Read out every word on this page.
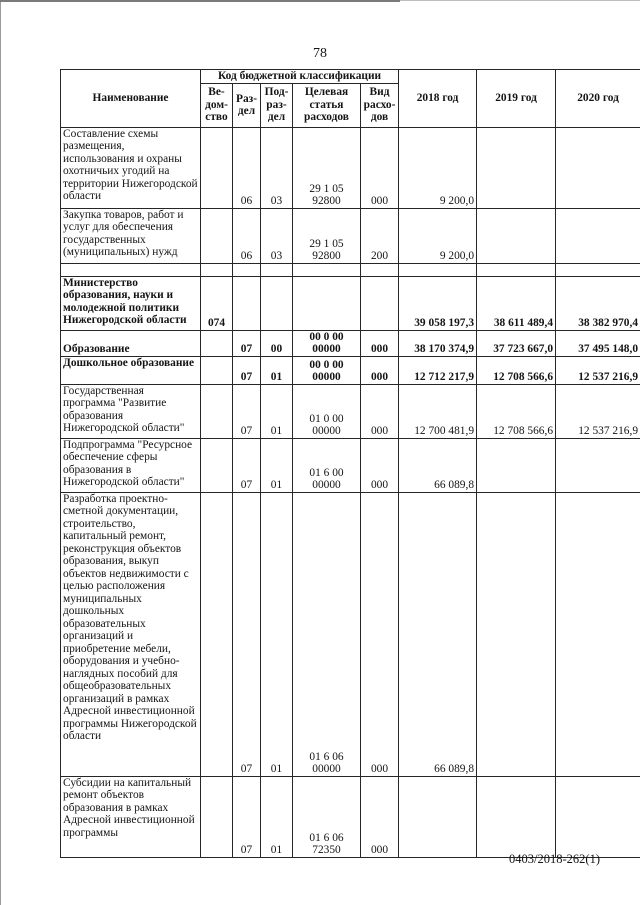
78
Наименование	Код бюджетной классификации					2018 год	2019 год	2020 год
	Ве-дом-ство	Раз-дел	Под-раз-дел	Целевая статья расходов	Вид расхо-дов			
Составление схемы размещения, использования и охраны охотничьих угодий на территории Нижегородской области		06	03	29 1 05 92800	000	9 200,0		
Закупка товаров, работ и услуг для обеспечения государственных (муниципальных) нужд		06	03	29 1 05 92800	200	9 200,0		

Министерство образования, науки и молодежной политики Нижегородской области	074					39 058 197,3	38 611 489,4	38 382 970,4
Образование		07	00	00 0 00 00000	000	38 170 374,9	37 723 667,0	37 495 148,0
Дошкольное образование		07	01	00 0 00 00000	000	12 712 217,9	12 708 566,6	12 537 216,9
Государственная программа "Развитие образования Нижегородской области"		07	01	01 0 00 00000	000	12 700 481,9	12 708 566,6	12 537 216,9
Подпрограмма "Ресурсное обеспечение сферы образования в Нижегородской области"		07	01	01 6 00 00000	000	66 089,8		
Разработка проектно-сметной документации, строительство, капитальный ремонт, реконструкция объектов образования, выкуп объектов недвижимости с целью расположения муниципальных дошкольных образовательных организаций и приобретение мебели, оборудования и учебно-наглядных пособий для общеобразовательных организаций в рамках Адресной инвестиционной программы Нижегородской области		07	01	01 6 06 00000	000	66 089,8		
Субсидии на капитальный ремонт объектов образования в рамках Адресной инвестиционной программы		07	01	01 6 06 72350	000			
0403/2018-262(1)
